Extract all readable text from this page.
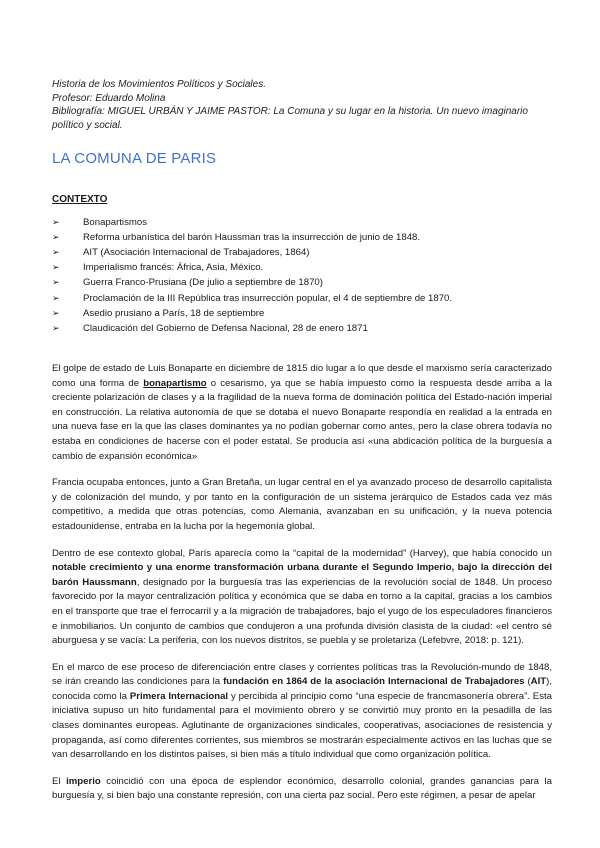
Historia de los Movimientos Políticos y Sociales.

Profesor: Eduardo Molina

Bibliografía: MIGUEL URBÁN Y JAIME PASTOR: La Comuna y su lugar en la historia. Un nuevo imaginario político y social.

LA COMUNA DE PARIS
CONTEXTO
➢	Bonapartismos
➢	Reforma urbanística del barón Haussman tras la insurrección de junio de 1848.
➢	AIT (Asociación Internacional de Trabajadores, 1864)
➢	Imperialismo francés: África, Asia, México.
➢	Guerra Franco-Prusiana (De julio a septiembre de 1870)
➢	Proclamación de la III República tras insurrección popular, el 4 de septiembre de 1870.
➢	Asedio prusiano a París, 18 de septiembre
➢	Claudicación del Gobierno de Defensa Nacional, 28 de enero 1871

El golpe de estado de Luis Bonaparte en diciembre de 1815 dio lugar a lo que desde el marxismo sería caracterizado como una forma de bonapartismo o cesarismo, ya que se había impuesto como la respuesta desde arriba a la creciente polarización de clases y a la fragilidad de la nueva forma de dominación política del Estado-nación imperial en construcción. La relativa autonomía de que se dotaba el nuevo Bonaparte respondía en realidad a la entrada en una nueva fase en la que las clases dominantes ya no podían gobernar como antes, pero la clase obrera todavía no estaba en condiciones de hacerse con el poder estatal. Se producía así «una abdicación política de la burguesía a cambio de expansión económica»

Francia ocupaba entonces, junto a Gran Bretaña, un lugar central en el ya avanzado proceso de desarrollo capitalista y de colonización del mundo, y por tanto en la configuración de un sistema jerárquico de Estados cada vez más competitivo, a medida que otras potencias, como Alemania, avanzaban en su unificación, y la nueva potencia estadounidense, entraba en la lucha por la hegemonía global.

Dentro de ese contexto global, París aparecía como la “capital de la modernidad” (Harvey), que había conocido un notable crecimiento y una enorme transformación urbana durante el Segundo Imperio, bajo la dirección del barón Haussmann, designado por la burguesía tras las experiencias de la revolución social de 1848. Un proceso favorecido por la mayor centralización política y económica que se daba en torno a la capital, gracias a los cambios en el transporte que trae el ferrocarril y a la migración de trabajadores, bajo el yugo de los especuladores financieros e inmobiliarios. Un conjunto de cambios que condujeron a una profunda división clasista de la ciudad: «el centro sé aburguesa y se vacía: La periferia, con los nuevos distritos, se puebla y se proletariza (Lefebvre, 2018: p. 121).

En el marco de ese proceso de diferenciación entre clases y corrientes políticas tras la Revolución-mundo de 1848, se irán creando las condiciones para la fundación en 1864 de la asociación Internacional de Trabajadores (AIT), conocida como la Primera Internacional y percibida al principio como “una especie de francmasonería obrera”. Esta iniciativa supuso un hito fundamental para el movimiento obrero y se convirtió muy pronto en la pesadilla de las clases dominantes europeas. Aglutinante de organizaciones sindicales, cooperativas, asociaciones de resistencia y propaganda, así como diferentes corrientes, sus miembros se mostrarán especialmente activos en las luchas que se van desarrollando en los distintos países, si bien más a título individual que como organización política.

El imperio coincidió con una época de esplendor económico, desarrollo colonial, grandes ganancias para la burguesía y, si bien bajo una constante represión, con una cierta paz social. Pero este régimen, a pesar de apelar
